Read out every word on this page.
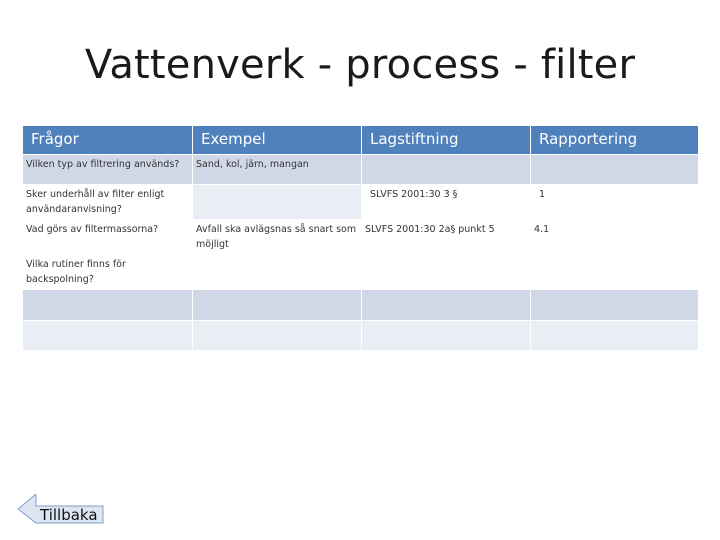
Vattenverk - process - filter
Frågor	Exempel	Lagstiftning	Rapportering
Vilken typ av filtrering används?	Sand, kol, järn, mangan		
Sker underhåll av filter enligt användaranvisning?		SLVFS 2001:30 3 §	1
Vad görs av filtermassorna?	Avfall ska avlägsnas så snart som möjligt	SLVFS 2001:30 2a§ punkt 5	4.1
Vilka rutiner finns för backspolning?			

Tillbaka
